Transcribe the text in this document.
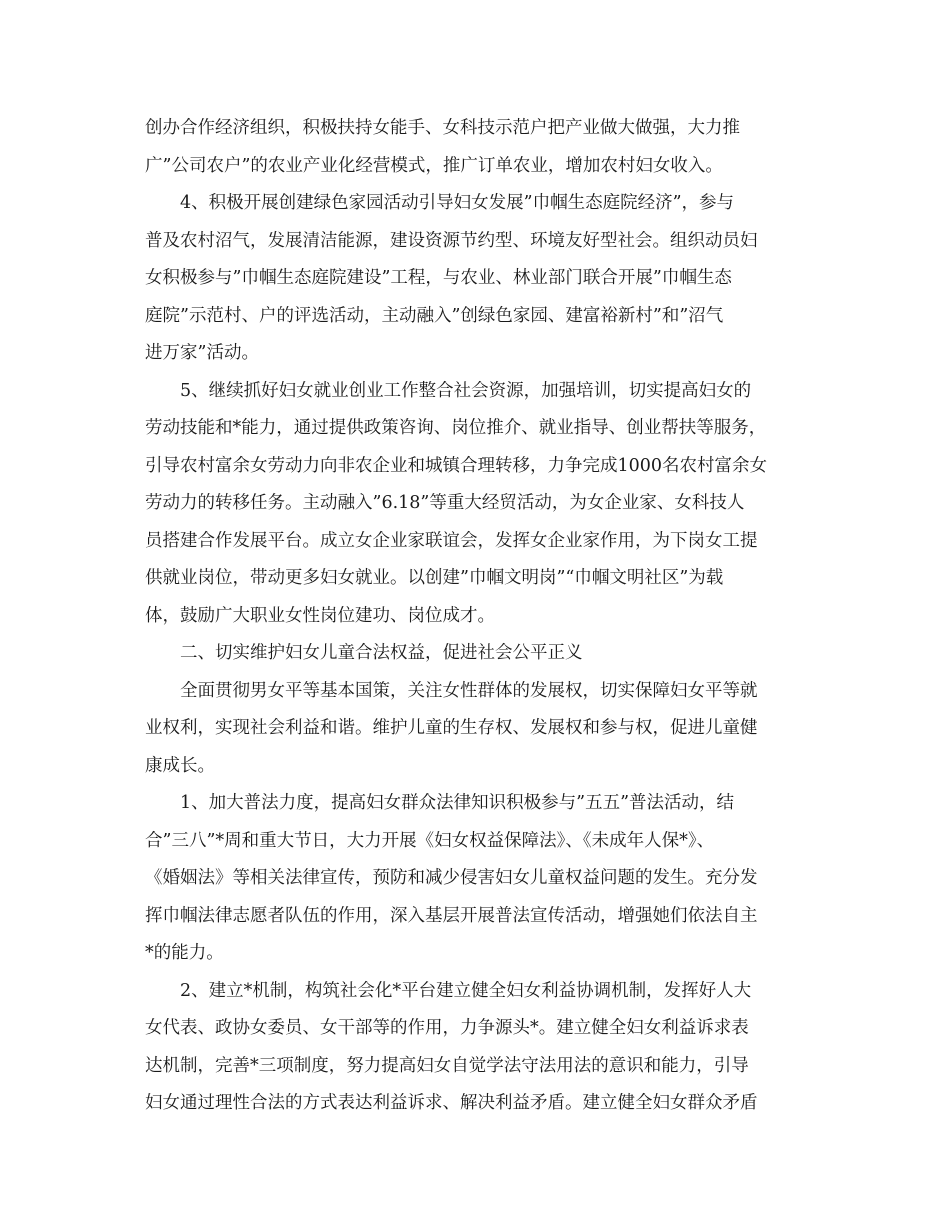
创办合作经济组织，积极扶持女能手、女科技示范户把产业做大做强，大力推
广”公司农户”的农业产业化经营模式，推广订单农业，增加农村妇女收入。
4、积极开展创建绿色家园活动引导妇女发展”巾帼生态庭院经济”，参与
普及农村沼气，发展清洁能源，建设资源节约型、环境友好型社会。组织动员妇
女积极参与”巾帼生态庭院建设”工程，与农业、林业部门联合开展”巾帼生态
庭院”示范村、户的评选活动，主动融入”创绿色家园、建富裕新村”和”沼气
进万家”活动。
5、继续抓好妇女就业创业工作整合社会资源，加强培训，切实提高妇女的
劳动技能和*能力，通过提供政策咨询、岗位推介、就业指导、创业帮扶等服务，
引导农村富余女劳动力向非农企业和城镇合理转移，力争完成1000名农村富余女
劳动力的转移任务。主动融入”6.18”等重大经贸活动，为女企业家、女科技人
员搭建合作发展平台。成立女企业家联谊会，发挥女企业家作用，为下岗女工提
供就业岗位，带动更多妇女就业。以创建”巾帼文明岗”“巾帼文明社区”为载
体，鼓励广大职业女性岗位建功、岗位成才。
二、切实维护妇女儿童合法权益，促进社会公平正义
全面贯彻男女平等基本国策，关注女性群体的发展权，切实保障妇女平等就
业权利，实现社会利益和谐。维护儿童的生存权、发展权和参与权，促进儿童健
康成长。
1、加大普法力度，提高妇女群众法律知识积极参与”五五”普法活动，结
合”三八”*周和重大节日，大力开展《妇女权益保障法》、《未成年人保*》、
《婚姻法》等相关法律宣传，预防和减少侵害妇女儿童权益问题的发生。充分发
挥巾帼法律志愿者队伍的作用，深入基层开展普法宣传活动，增强她们依法自主
*的能力。
2、建立*机制，构筑社会化*平台建立健全妇女利益协调机制，发挥好人大
女代表、政协女委员、女干部等的作用，力争源头*。建立健全妇女利益诉求表
达机制，完善*三项制度，努力提高妇女自觉学法守法用法的意识和能力，引导
妇女通过理性合法的方式表达利益诉求、解决利益矛盾。建立健全妇女群众矛盾
